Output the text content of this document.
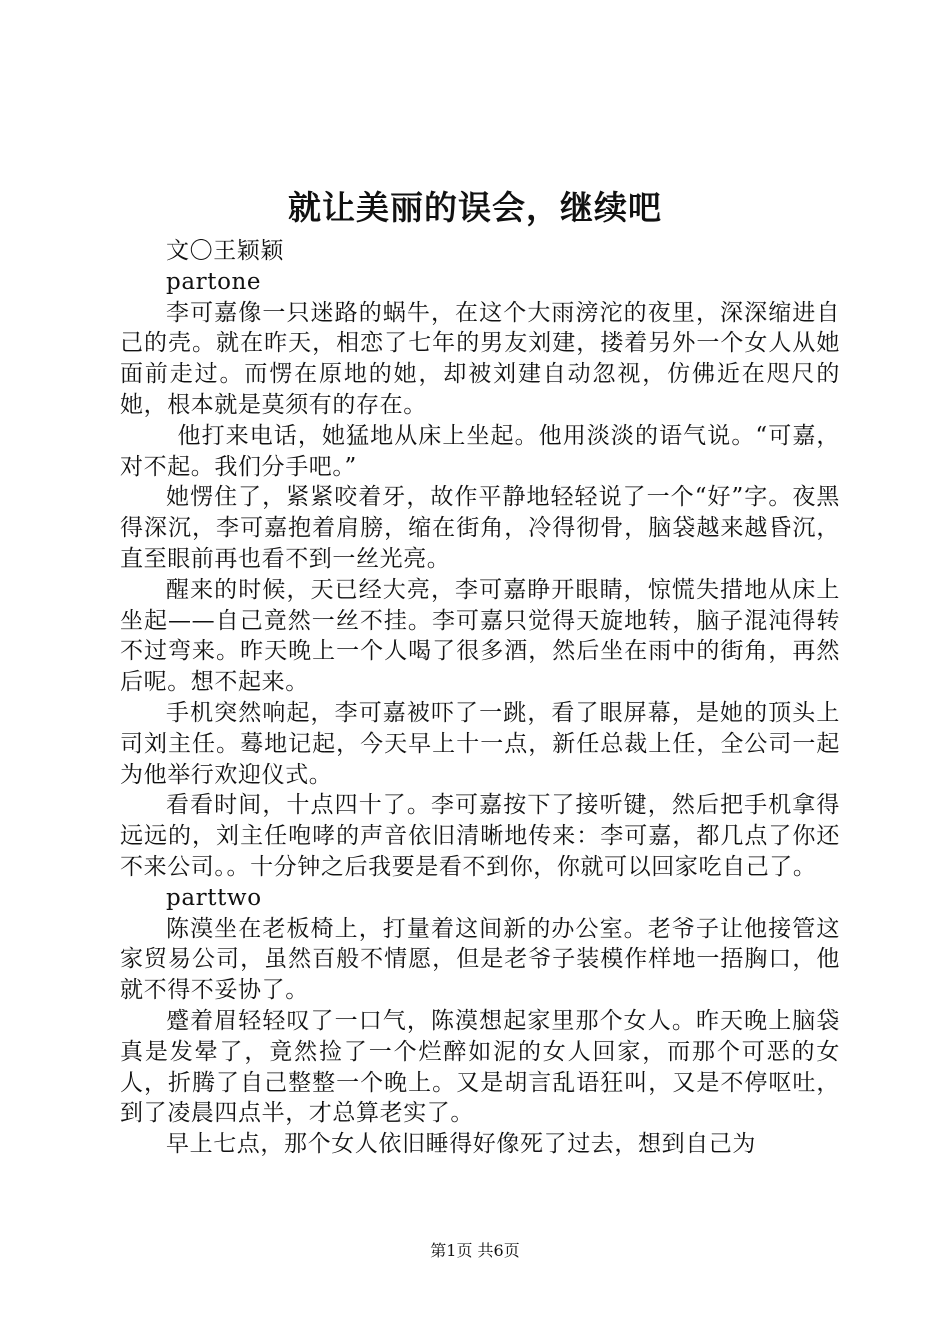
就让美丽的误会，继续吧

文〇王颖颖

partone

李可嘉像一只迷路的蜗牛，在这个大雨滂沱的夜里，深深缩进自己的壳。就在昨天，相恋了七年的男友刘建，搂着另外一个女人从她面前走过。而愣在原地的她，却被刘建自动忽视，仿佛近在咫尺的她，根本就是莫须有的存在。

他打来电话，她猛地从床上坐起。他用淡淡的语气说。“可嘉，对不起。我们分手吧。”

她愣住了，紧紧咬着牙，故作平静地轻轻说了一个“好”字。夜黑得深沉，李可嘉抱着肩膀，缩在街角，冷得彻骨，脑袋越来越昏沉，直至眼前再也看不到一丝光亮。

醒来的时候，天已经大亮，李可嘉睁开眼睛，惊慌失措地从床上坐起——自己竟然一丝不挂。李可嘉只觉得天旋地转，脑子混沌得转不过弯来。昨天晚上一个人喝了很多酒，然后坐在雨中的街角，再然后呢。想不起来。

手机突然响起，李可嘉被吓了一跳，看了眼屏幕，是她的顶头上司刘主任。蓦地记起，今天早上十一点，新任总裁上任，全公司一起为他举行欢迎仪式。

看看时间，十点四十了。李可嘉按下了接听键，然后把手机拿得远远的，刘主任咆哮的声音依旧清晰地传来：李可嘉，都几点了你还不来公司。。十分钟之后我要是看不到你，你就可以回家吃自己了。

parttwo

陈漠坐在老板椅上，打量着这间新的办公室。老爷子让他接管这家贸易公司，虽然百般不情愿，但是老爷子装模作样地一捂胸口，他就不得不妥协了。

蹙着眉轻轻叹了一口气，陈漠想起家里那个女人。昨天晚上脑袋真是发晕了，竟然捡了一个烂醉如泥的女人回家，而那个可恶的女人，折腾了自己整整一个晚上。又是胡言乱语狂叫，又是不停呕吐，到了凌晨四点半，才总算老实了。

早上七点，那个女人依旧睡得好像死了过去，想到自己为

第1页 共6页
